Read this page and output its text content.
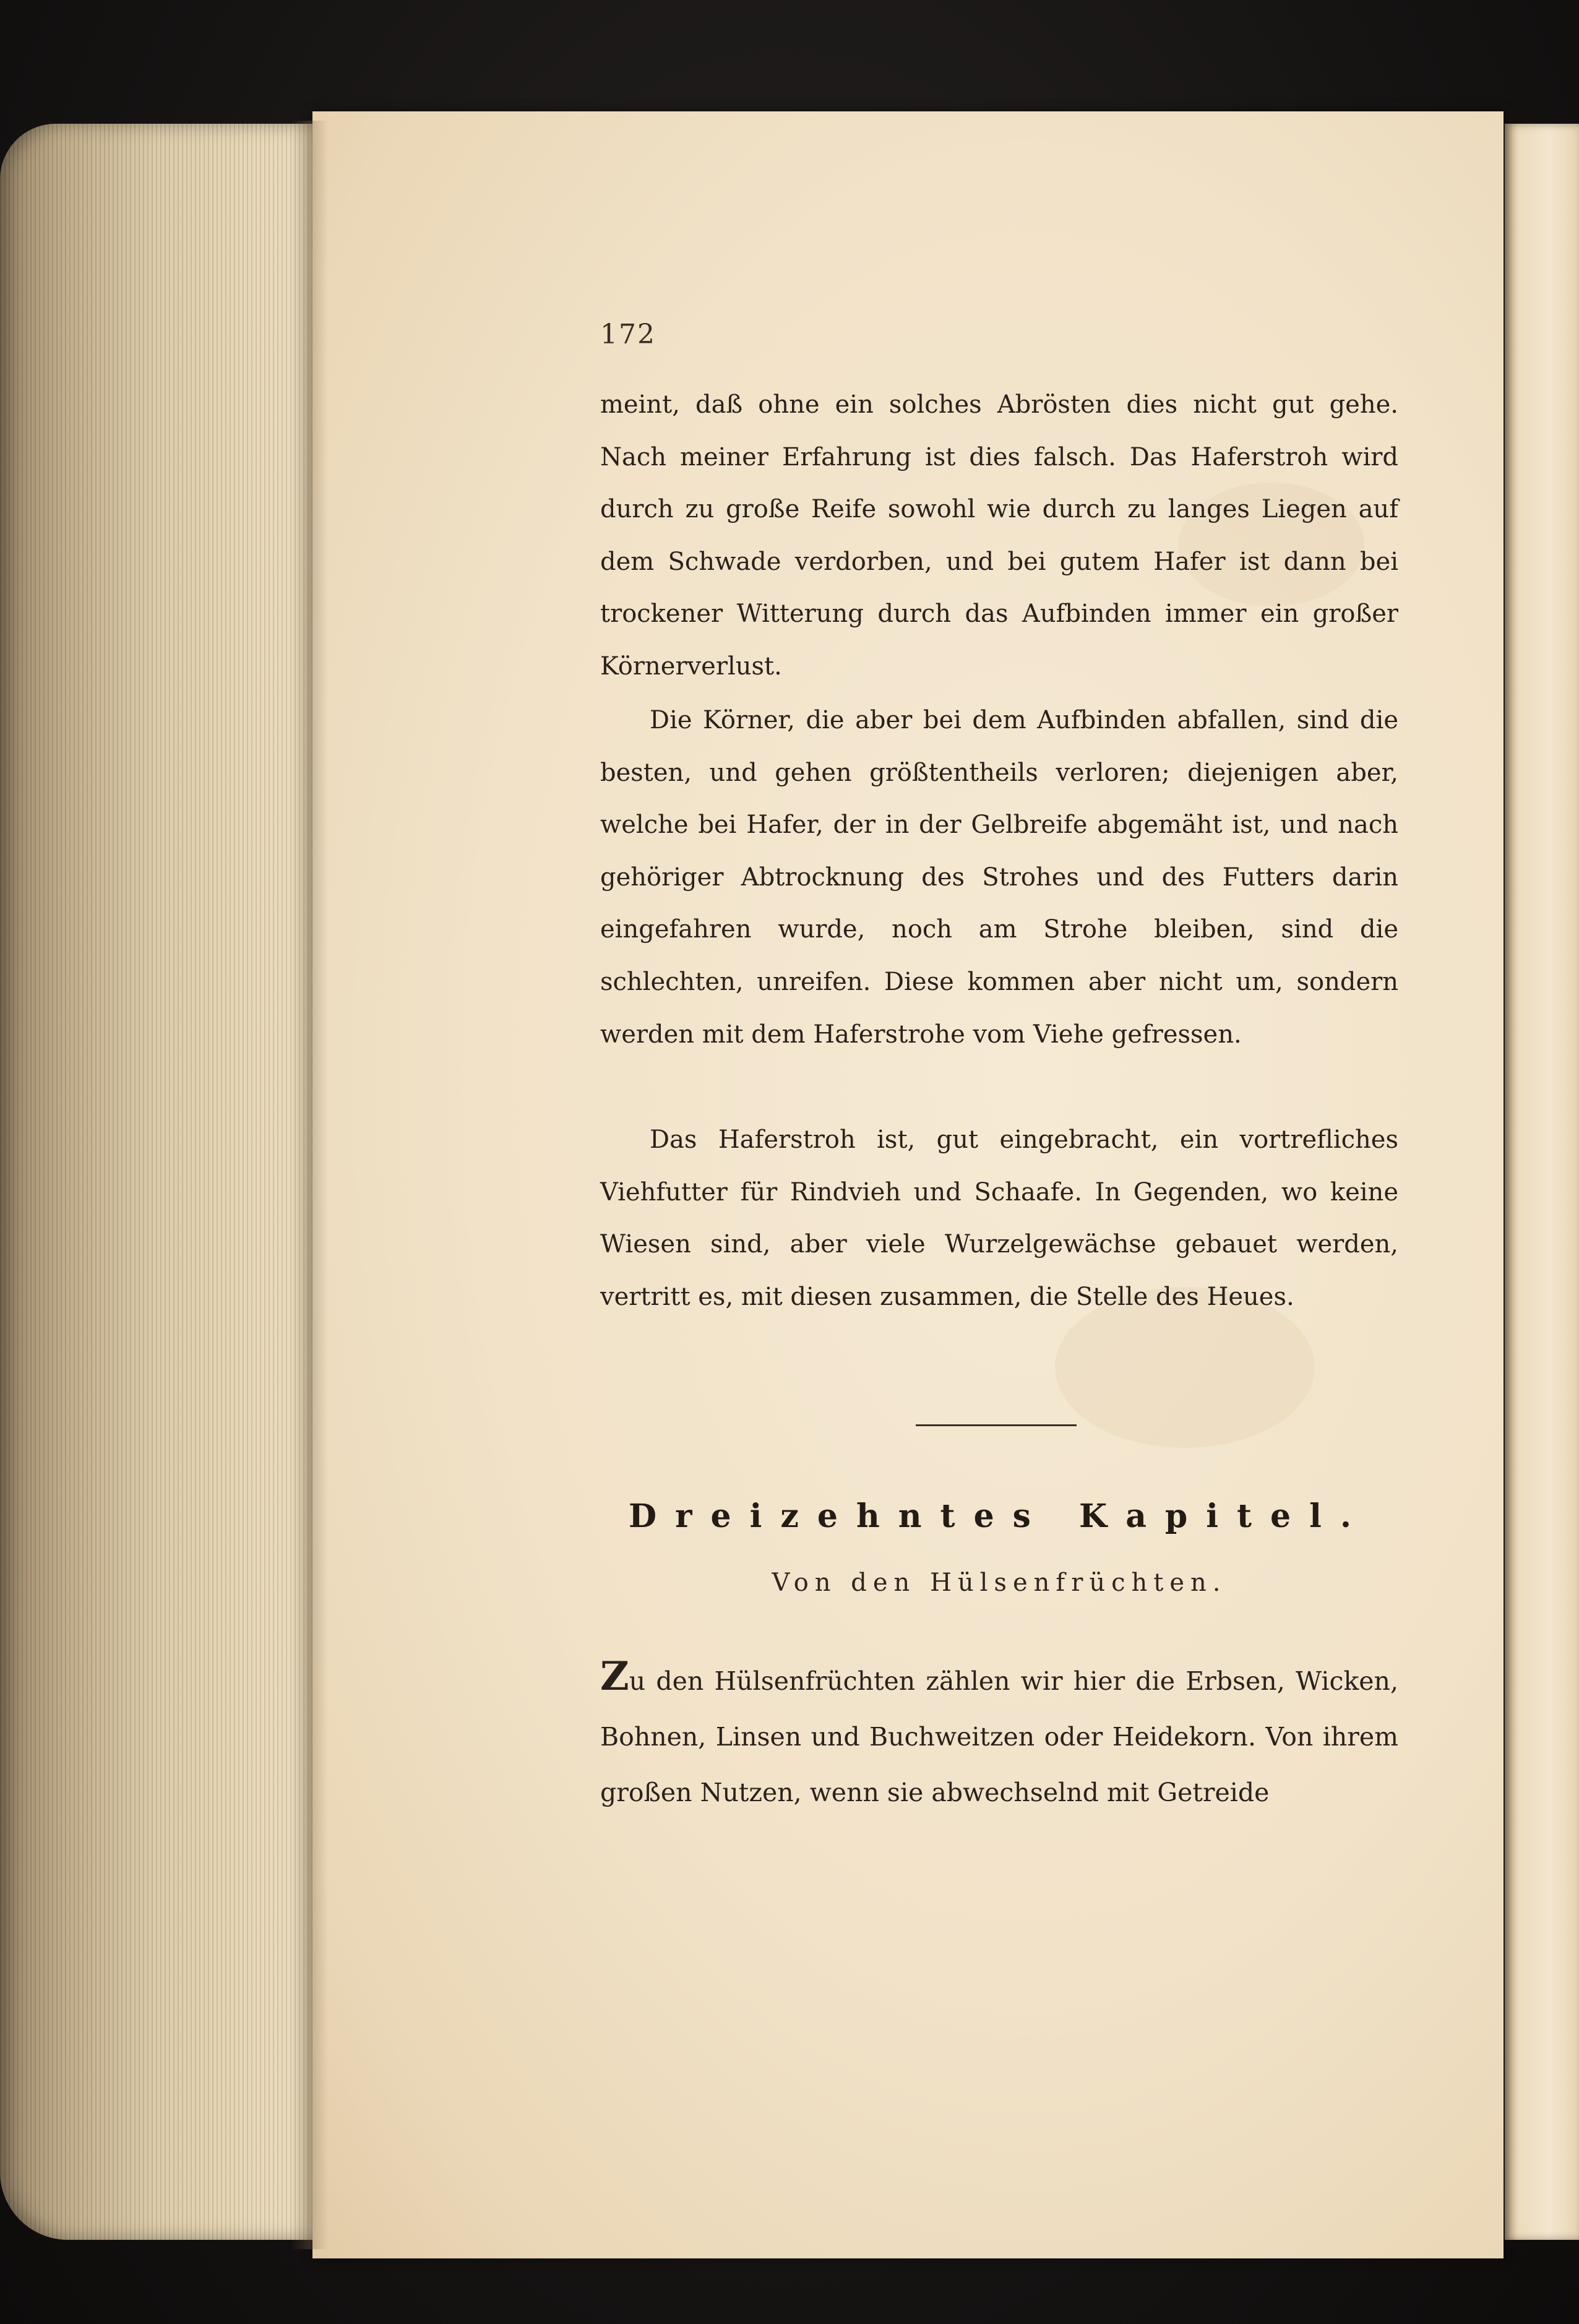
172

meint, daß ohne ein solches Abrösten dies nicht gut gehe. Nach meiner Erfahrung ist dies falsch. Das Haferstroh wird durch zu große Reife sowohl wie durch zu langes Liegen auf dem Schwade verdorben, und bei gutem Hafer ist dann bei trockener Witterung durch das Aufbinden immer ein großer Körnerverlust.

Die Körner, die aber bei dem Aufbinden abfallen, sind die besten, und gehen größtentheils verloren; diejenigen aber, welche bei Hafer, der in der Gelbreife abgemäht ist, und nach gehöriger Abtrocknung des Strohes und des Futters darin eingefahren wurde, noch am Strohe bleiben, sind die schlechten, unreifen. Diese kommen aber nicht um, sondern werden mit dem Haferstrohe vom Viehe gefressen.

Das Haferstroh ist, gut eingebracht, ein vortrefliches Viehfutter für Rindvieh und Schaafe. In Gegenden, wo keine Wiesen sind, aber viele Wurzelgewächse gebauet werden, vertritt es, mit diesen zusammen, die Stelle des Heues.

Dreizehntes Kapitel.
Von den Hülsenfrüchten.

Zu den Hülsenfrüchten zählen wir hier die Erbsen, Wicken, Bohnen, Linsen und Buchweitzen oder Heidekorn. Von ihrem großen Nutzen, wenn sie abwechselnd mit Getreide
